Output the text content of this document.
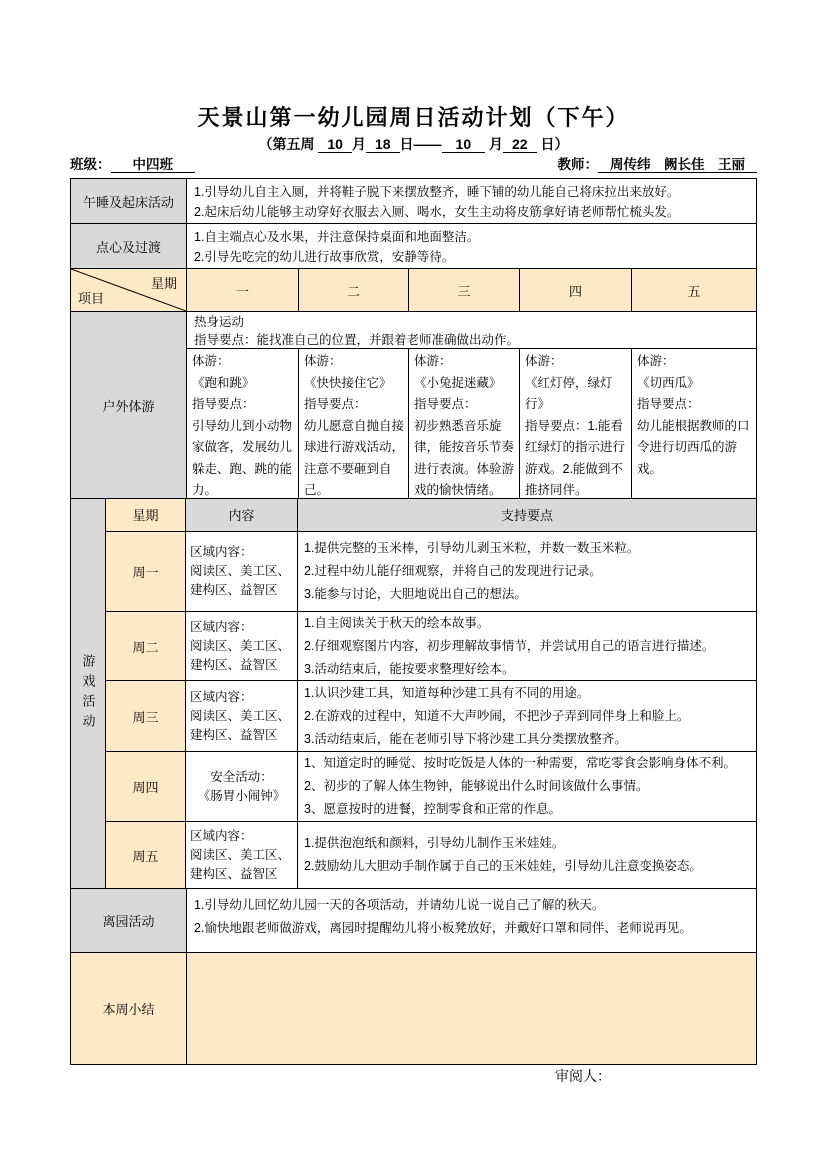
天景山第一幼儿园周日活动计划（下午）
（第五周 10 月 18 日—— 10 月 22 日）
班级： 中四班	教师： 周传纬　阙长佳　王丽
午睡及起床活动
1.引导幼儿自主入厕，并将鞋子脱下来摆放整齐，睡下铺的幼儿能自己将床拉出来放好。
2.起床后幼儿能够主动穿好衣服去入厕、喝水，女生主动将皮筋拿好请老师帮忙梳头发。
点心及过渡
1.自主端点心及水果，并注意保持桌面和地面整洁。
2.引导先吃完的幼儿进行故事欣赏，安静等待。
星期
项目	一	二	三	四	五
户外体游
热身运动
指导要点：能找准自己的位置，并跟着老师准确做出动作。
体游：
《跑和跳》
指导要点：
引导幼儿到小动物家做客，发展幼儿躲走、跑、跳的能力。
体游：
《快快接住它》
指导要点：
幼儿愿意自抛自接球进行游戏活动，注意不要砸到自己。
体游：
《小兔捉迷藏》
指导要点：
初步熟悉音乐旋律，能按音乐节奏进行表演。体验游戏的愉快情绪。
体游：
《红灯停，绿灯行》
指导要点：1.能看红绿灯的指示进行游戏。2.能做到不推挤同伴。
体游：
《切西瓜》
指导要点：
幼儿能根据教师的口令进行切西瓜的游戏。
游戏活动
星期	内容	支持要点
周一
区域内容：
阅读区、美工区、
建构区、益智区
1.提供完整的玉米棒，引导幼儿剥玉米粒，并数一数玉米粒。
2.过程中幼儿能仔细观察，并将自己的发现进行记录。
3.能参与讨论，大胆地说出自己的想法。
周二
区域内容：
阅读区、美工区、
建构区、益智区
1.自主阅读关于秋天的绘本故事。
2.仔细观察图片内容，初步理解故事情节，并尝试用自己的语言进行描述。
3.活动结束后，能按要求整理好绘本。
周三
区域内容：
阅读区、美工区、
建构区、益智区
1.认识沙建工具，知道每种沙建工具有不同的用途。
2.在游戏的过程中，知道不大声吵闹，不把沙子弄到同伴身上和脸上。
3.活动结束后，能在老师引导下将沙建工具分类摆放整齐。
周四
安全活动：
《肠胃小闹钟》
1、知道定时的睡觉、按时吃饭是人体的一种需要，常吃零食会影响身体不利。
2、初步的了解人体生物钟，能够说出什么时间该做什么事情。
3、愿意按时的进餐，控制零食和正常的作息。
周五
区域内容：
阅读区、美工区、
建构区、益智区
1.提供泡泡纸和颜料，引导幼儿制作玉米娃娃。
2.鼓励幼儿大胆动手制作属于自己的玉米娃娃，引导幼儿注意变换姿态。
离园活动
1.引导幼儿回忆幼儿园一天的各项活动，并请幼儿说一说自己了解的秋天。
2.愉快地跟老师做游戏，离园时提醒幼儿将小板凳放好，并戴好口罩和同伴、老师说再见。
本周小结
审阅人：
